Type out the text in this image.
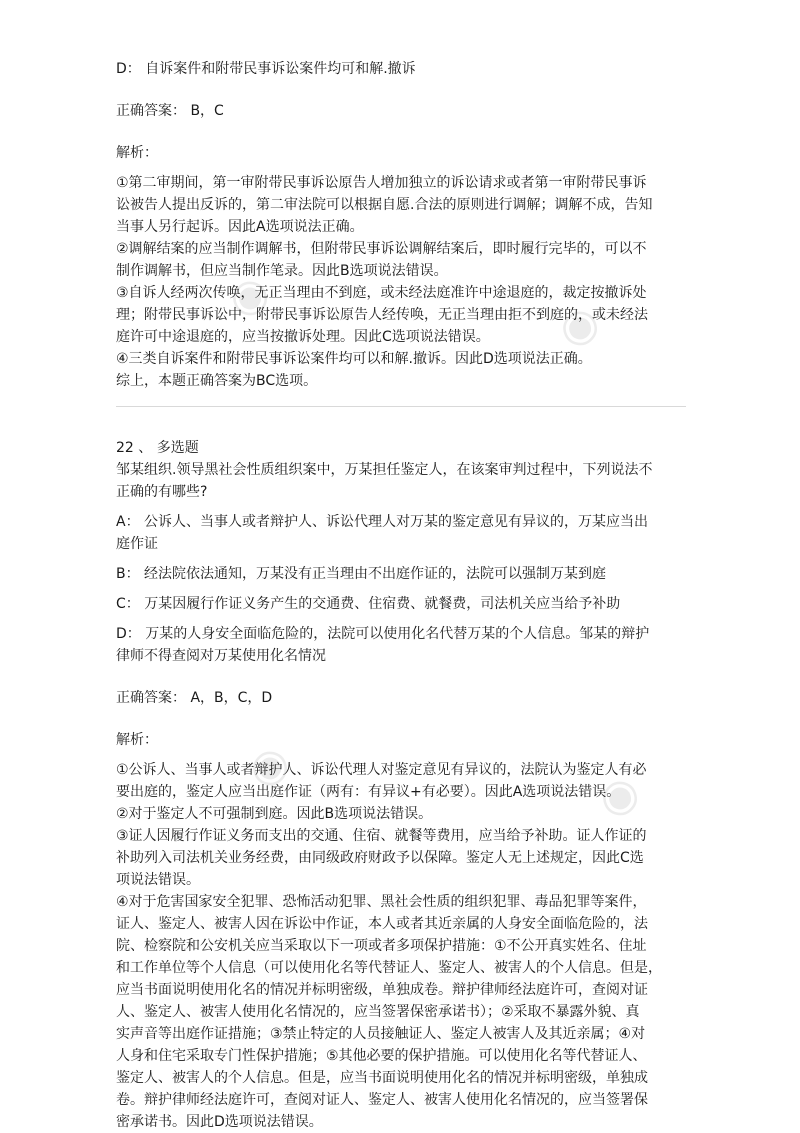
◉	◉
◉	◉
D： 自诉案件和附带民事诉讼案件均可和解.撤诉
正确答案： B，C
解析：
①第二审期间，第一审附带民事诉讼原告人增加独立的诉讼请求或者第一审附带民事诉
讼被告人提出反诉的，第二审法院可以根据自愿.合法的原则进行调解；调解不成，告知
当事人另行起诉。因此A选项说法正确。
②调解结案的应当制作调解书，但附带民事诉讼调解结案后，即时履行完毕的，可以不
制作调解书，但应当制作笔录。因此B选项说法错误。
③自诉人经两次传唤，无正当理由不到庭，或未经法庭准许中途退庭的，裁定按撤诉处
理；附带民事诉讼中，附带民事诉讼原告人经传唤，无正当理由拒不到庭的，或未经法
庭许可中途退庭的，应当按撤诉处理。因此C选项说法错误。
④三类自诉案件和附带民事诉讼案件均可以和解.撤诉。因此D选项说法正确。
综上，本题正确答案为BC选项。
22 、 多选题
邹某组织.领导黑社会性质组织案中，万某担任鉴定人，在该案审判过程中，下列说法不
正确的有哪些?
A： 公诉人、当事人或者辩护人、诉讼代理人对万某的鉴定意见有异议的，万某应当出
庭作证
B： 经法院依法通知，万某没有正当理由不出庭作证的，法院可以强制万某到庭
C： 万某因履行作证义务产生的交通费、住宿费、就餐费，司法机关应当给予补助
D： 万某的人身安全面临危险的，法院可以使用化名代替万某的个人信息。邹某的辩护
律师不得查阅对万某使用化名情况
正确答案： A，B，C，D
解析：
①公诉人、当事人或者辩护人、诉讼代理人对鉴定意见有异议的，法院认为鉴定人有必
要出庭的，鉴定人应当出庭作证（两有：有异议+有必要）。因此A选项说法错误。
②对于鉴定人不可强制到庭。因此B选项说法错误。
③证人因履行作证义务而支出的交通、住宿、就餐等费用，应当给予补助。证人作证的
补助列入司法机关业务经费，由同级政府财政予以保障。鉴定人无上述规定，因此C选
项说法错误。
④对于危害国家安全犯罪、恐怖活动犯罪、黑社会性质的组织犯罪、毒品犯罪等案件，
证人、鉴定人、被害人因在诉讼中作证，本人或者其近亲属的人身安全面临危险的，法
院、检察院和公安机关应当采取以下一项或者多项保护措施：①不公开真实姓名、住址
和工作单位等个人信息（可以使用化名等代替证人、鉴定人、被害人的个人信息。但是，
应当书面说明使用化名的情况并标明密级，单独成卷。辩护律师经法庭许可，查阅对证
人、鉴定人、被害人使用化名情况的，应当签署保密承诺书）；②采取不暴露外貌、真
实声音等出庭作证措施；③禁止特定的人员接触证人、鉴定人被害人及其近亲属；④对
人身和住宅采取专门性保护措施；⑤其他必要的保护措施。可以使用化名等代替证人、
鉴定人、被害人的个人信息。但是，应当书面说明使用化名的情况并标明密级，单独成
卷。辩护律师经法庭许可，查阅对证人、鉴定人、被害人使用化名情况的，应当签署保
密承诺书。因此D选项说法错误。
